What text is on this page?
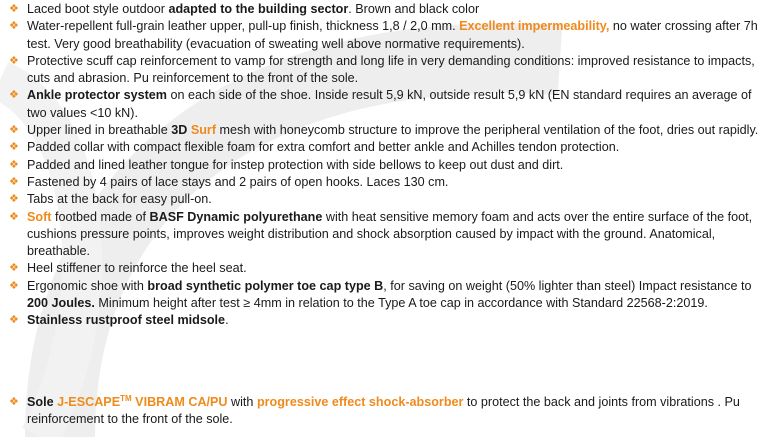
❖ Laced boot style outdoor adapted to the building sector. Brown and black color
❖ Water-repellent full-grain leather upper, pull-up finish, thickness 1,8 / 2,0 mm. Excellent impermeability, no water crossing after 7h test. Very good breathability (evacuation of sweating well above normative requirements).
❖ Protective scuff cap reinforcement to vamp for strength and long life in very demanding conditions: improved resistance to impacts, cuts and abrasion. Pu reinforcement to the front of the sole.
❖ Ankle protector system on each side of the shoe. Inside result 5,9 kN, outside result 5,9 kN (EN standard requires an average of two values <10 kN).
❖ Upper lined in breathable 3D Surf mesh with honeycomb structure to improve the peripheral ventilation of the foot, dries out rapidly.
❖ Padded collar with compact flexible foam for extra comfort and better ankle and Achilles tendon protection.
❖ Padded and lined leather tongue for instep protection with side bellows to keep out dust and dirt.
❖ Fastened by 4 pairs of lace stays and 2 pairs of open hooks. Laces 130 cm.
❖ Tabs at the back for easy pull-on.
❖ Soft footbed made of BASF Dynamic polyurethane with heat sensitive memory foam and acts over the entire surface of the foot, cushions pressure points, improves weight distribution and shock absorption caused by impact with the ground. Anatomical, breathable.
❖ Heel stiffener to reinforce the heel seat.
❖ Ergonomic shoe with broad synthetic polymer toe cap type B, for saving on weight (50% lighter than steel) Impact resistance to 200 Joules. Minimum height after test ≥ 4mm in relation to the Type A toe cap in accordance with Standard 22568-2:2019.
❖ Stainless rustproof steel midsole.
❖ Sole J-ESCAPE™ VIBRAM CA/PU with progressive effect shock-absorber to protect the back and joints from vibrations . Pu reinforcement to the front of the sole.
